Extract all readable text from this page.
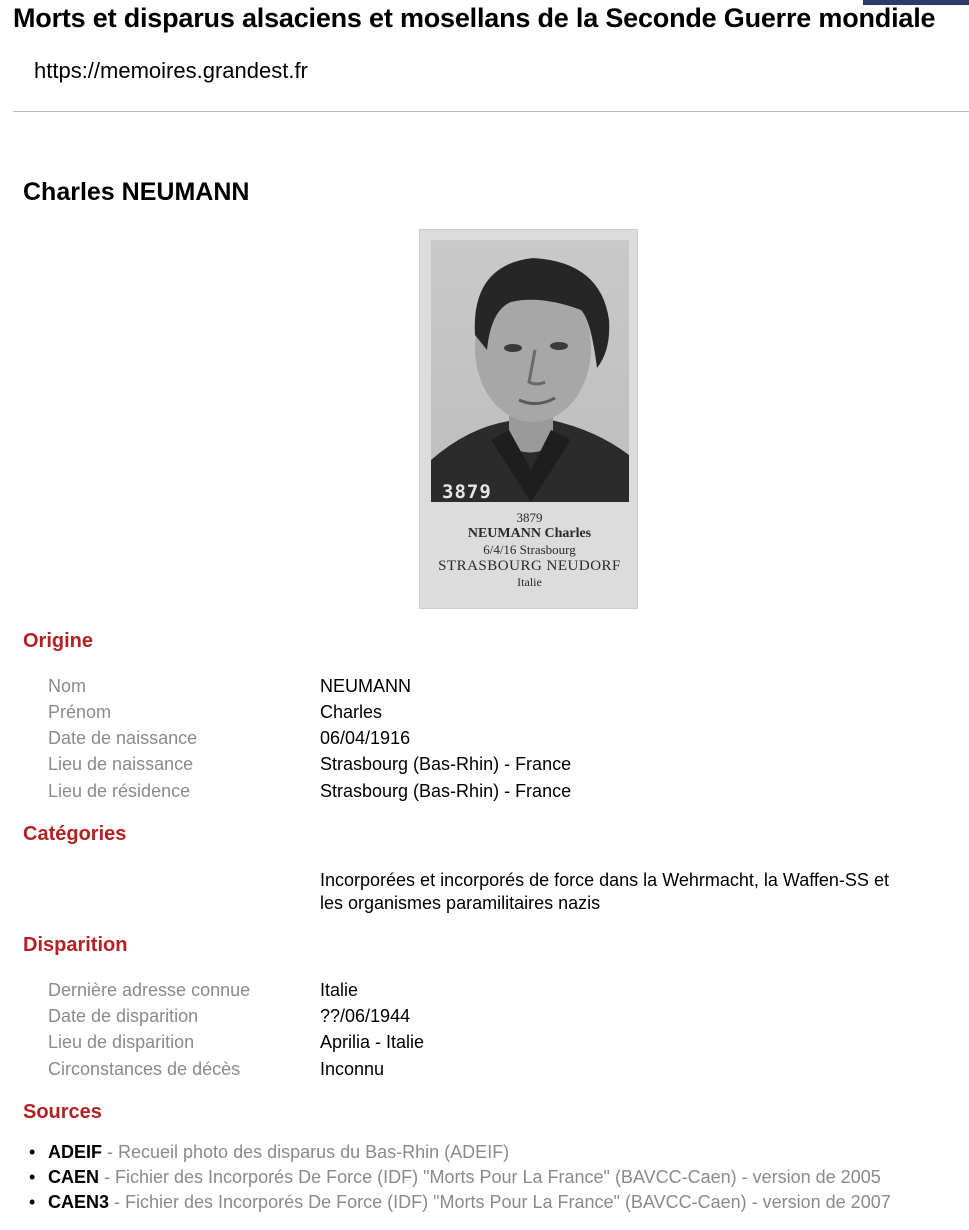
Morts et disparus alsaciens et mosellans de la Seconde Guerre mondiale
https://memoires.grandest.fr
Charles NEUMANN
3879
3879
NEUMANN Charles
6/4/16 Strasbourg
STRASBOURG NEUDORF
Italie
Origine
Nom	NEUMANN
Prénom	Charles
Date de naissance	06/04/1916
Lieu de naissance	Strasbourg (Bas-Rhin) - France
Lieu de résidence	Strasbourg (Bas-Rhin) - France
Catégories
Incorporées et incorporés de force dans la Wehrmacht, la Waffen-SS et les organismes paramilitaires nazis
Disparition
Dernière adresse connue	Italie
Date de disparition	??/06/1944
Lieu de disparition	Aprilia - Italie
Circonstances de décès	Inconnu
Sources
• ADEIF - Recueil photo des disparus du Bas-Rhin (ADEIF)
• CAEN - Fichier des Incorporés De Force (IDF) "Morts Pour La France" (BAVCC-Caen) - version de 2005
• CAEN3 - Fichier des Incorporés De Force (IDF) "Morts Pour La France" (BAVCC-Caen) - version de 2007
